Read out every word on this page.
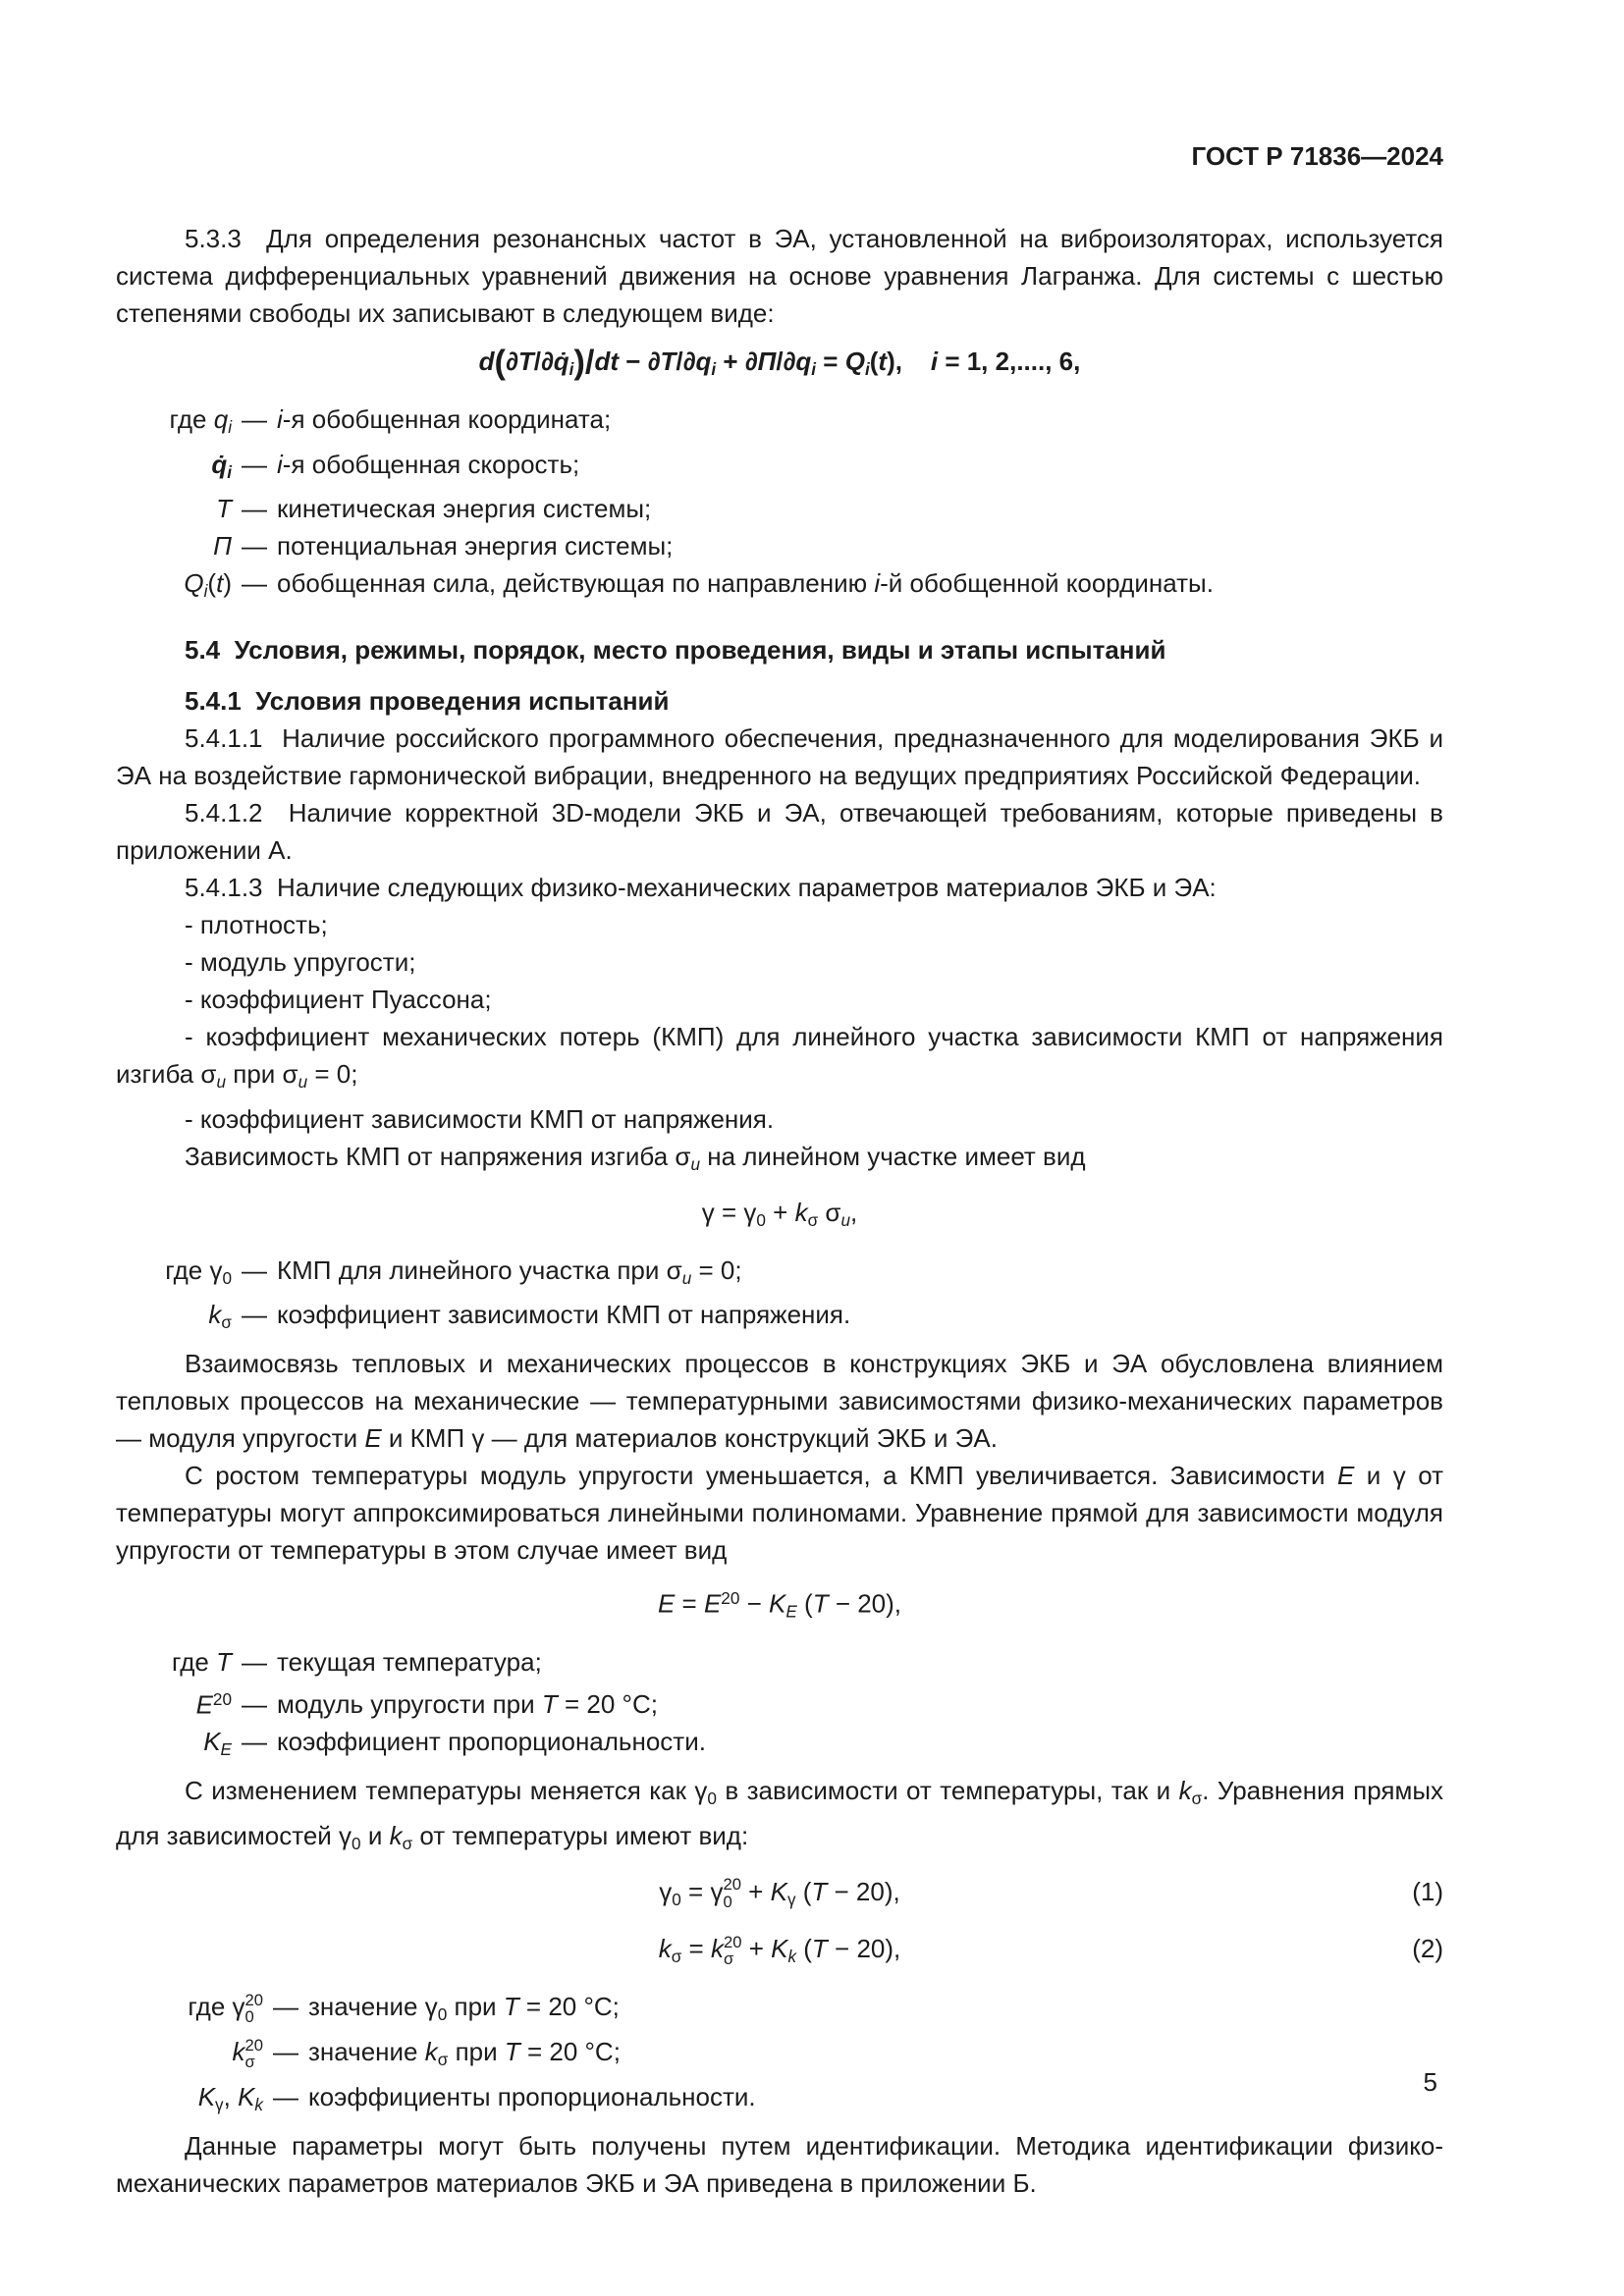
ГОСТ Р 71836—2024

5.3.3  Для определения резонансных частот в ЭА, установленной на виброизоляторах, используется система дифференциальных уравнений движения на основе уравнения Лагранжа. Для системы с шестью степенями свободы их записывают в следующем виде:

$d(\partial T/\partial q̇_i)/dt - \partial T/\partial q_i + \partial П/\partial q_i = Q_i(t)$, i = 1, 2,...., 6,
где $q_i$ — i-я обобщенная координата;
$q̇_i$ — i-я обобщенная скорость;
T — кинетическая энергия системы;
П — потенциальная энергия системы;
$Q_i(t)$ — обобщенная сила, действующая по направлению i-й обобщенной координаты.

5.4  Условия, режимы, порядок, место проведения, виды и этапы испытаний

5.4.1  Условия проведения испытаний

5.4.1.1  Наличие российского программного обеспечения, предназначенного для моделирования ЭКБ и ЭА на воздействие гармонической вибрации, внедренного на ведущих предприятиях Российской Федерации.

5.4.1.2  Наличие корректной 3D-модели ЭКБ и ЭА, отвечающей требованиям, которые приведены в приложении А.

5.4.1.3  Наличие следующих физико-механических параметров материалов ЭКБ и ЭА:

- плотность;

- модуль упругости;

- коэффициент Пуассона;

- коэффициент механических потерь (КМП) для линейного участка зависимости КМП от напряжения изгиба $\sigma_u$ при $\sigma_u = 0$;

- коэффициент зависимости КМП от напряжения.

Зависимость КМП от напряжения изгиба $\sigma_u$ на линейном участке имеет вид

$\gamma = \gamma_0 + k_\sigma$ $\sigma_u$,
где $\gamma_0$ — КМП для линейного участка при $\sigma_u = 0$;
$k_\sigma$ — коэффициент зависимости КМП от напряжения.

Взаимосвязь тепловых и механических процессов в конструкциях ЭКБ и ЭА обусловлена влиянием тепловых процессов на механические — температурными зависимостями физико-механических параметров — модуля упругости E и КМП γ — для материалов конструкций ЭКБ и ЭА.

С ростом температуры модуль упругости уменьшается, а КМП увеличивается. Зависимости E и γ от температуры могут аппроксимироваться линейными полиномами. Уравнение прямой для зависимости модуля упругости от температуры в этом случае имеет вид

$E = E^{20} - K_E$ (T − 20),
где T — текущая температура;
$E^{20}$ — модуль упругости при T = 20 °С;
$K_E$ — коэффициент пропорциональности.

С изменением температуры меняется как $\gamma_0$ в зависимости от температуры, так и $k_\sigma$. Уравнения прямых для зависимостей $\gamma_0$ и $k_\sigma$ от температуры имеют вид:

$\gamma_0 = \gamma$ 20
$0 + K_\gamma$ (T − 20),	(1)
$k_\sigma = k$ 20
$\sigma + K_k$ (T − 20),	(2)
где γ 20
0 — значение $\gamma_0$ при T = 20 °С;
k 20
σ — значение $k_\sigma$ при T = 20 °С;
$K_\gamma$, $K_k$ — коэффициенты пропорциональности.

Данные параметры могут быть получены путем идентификации. Методика идентификации физико-механических параметров материалов ЭКБ и ЭА приведена в приложении Б.

5
